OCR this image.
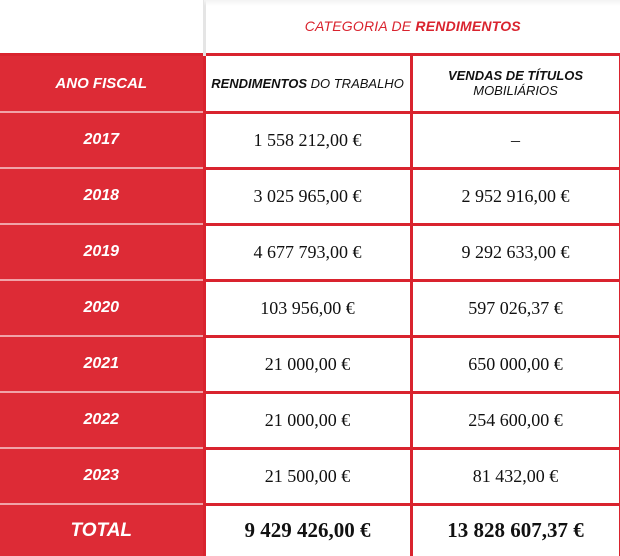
	CATEGORIA DE RENDIMENTOS	
ANO FISCAL	RENDIMENTOS DO TRABALHO	VENDAS DE TÍTULOS MOBILIÁRIOS
2017	1 558 212,00 €	–
2018	3 025 965,00 €	2 952 916,00 €
2019	4 677 793,00 €	9 292 633,00 €
2020	103 956,00 €	597 026,37 €
2021	21 000,00 €	650 000,00 €
2022	21 000,00 €	254 600,00 €
2023	21 500,00 €	81 432,00 €
TOTAL	9 429 426,00 €	13 828 607,37 €
